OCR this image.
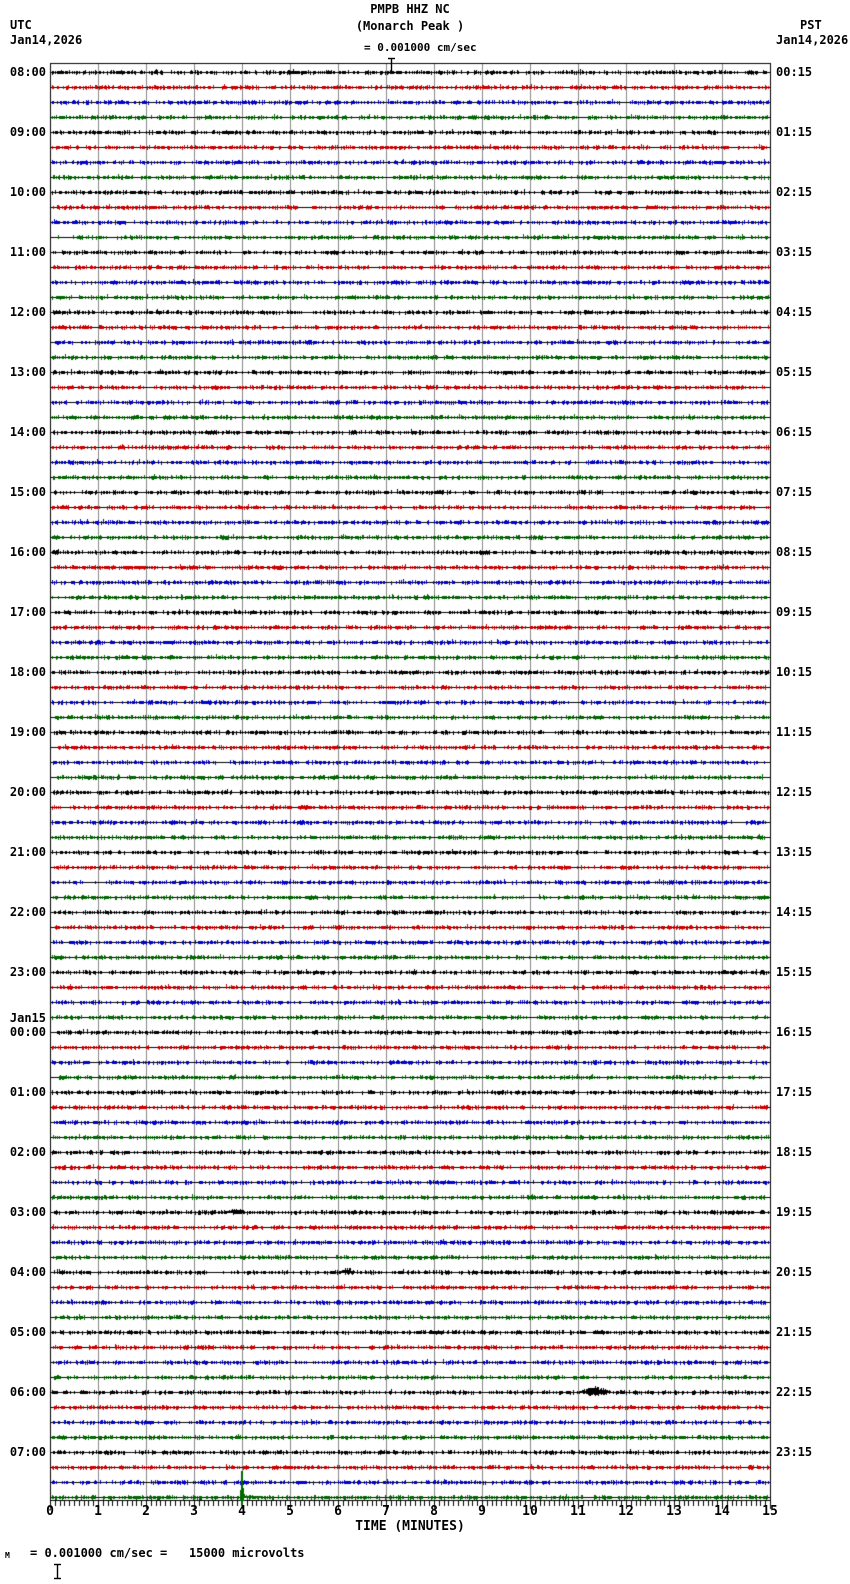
UTC
Jan14,2026
PST
Jan14,2026
PMPB HHZ NC
(Monarch Peak )

= 0.001000 cm/sec
08:00
09:00
10:00
11:00
12:00
13:00
14:00
15:00
16:00
17:00
18:00
19:00
20:00
21:00
22:00
23:00
00:00
Jan15
01:00
02:00
03:00
04:00
05:00
06:00
07:00
00:15
01:15
02:15
03:15
04:15
05:15
06:15
07:15
08:15
09:15
10:15
11:15
12:15
13:15
14:15
15:15
16:15
17:15
18:15
19:15
20:15
21:15
22:15
23:15
0	1	2	3	4	5	6	7	8	9	10	11	12	13	14	15
TIME (MINUTES)
M

= 0.001000 cm/sec =   15000 microvolts
